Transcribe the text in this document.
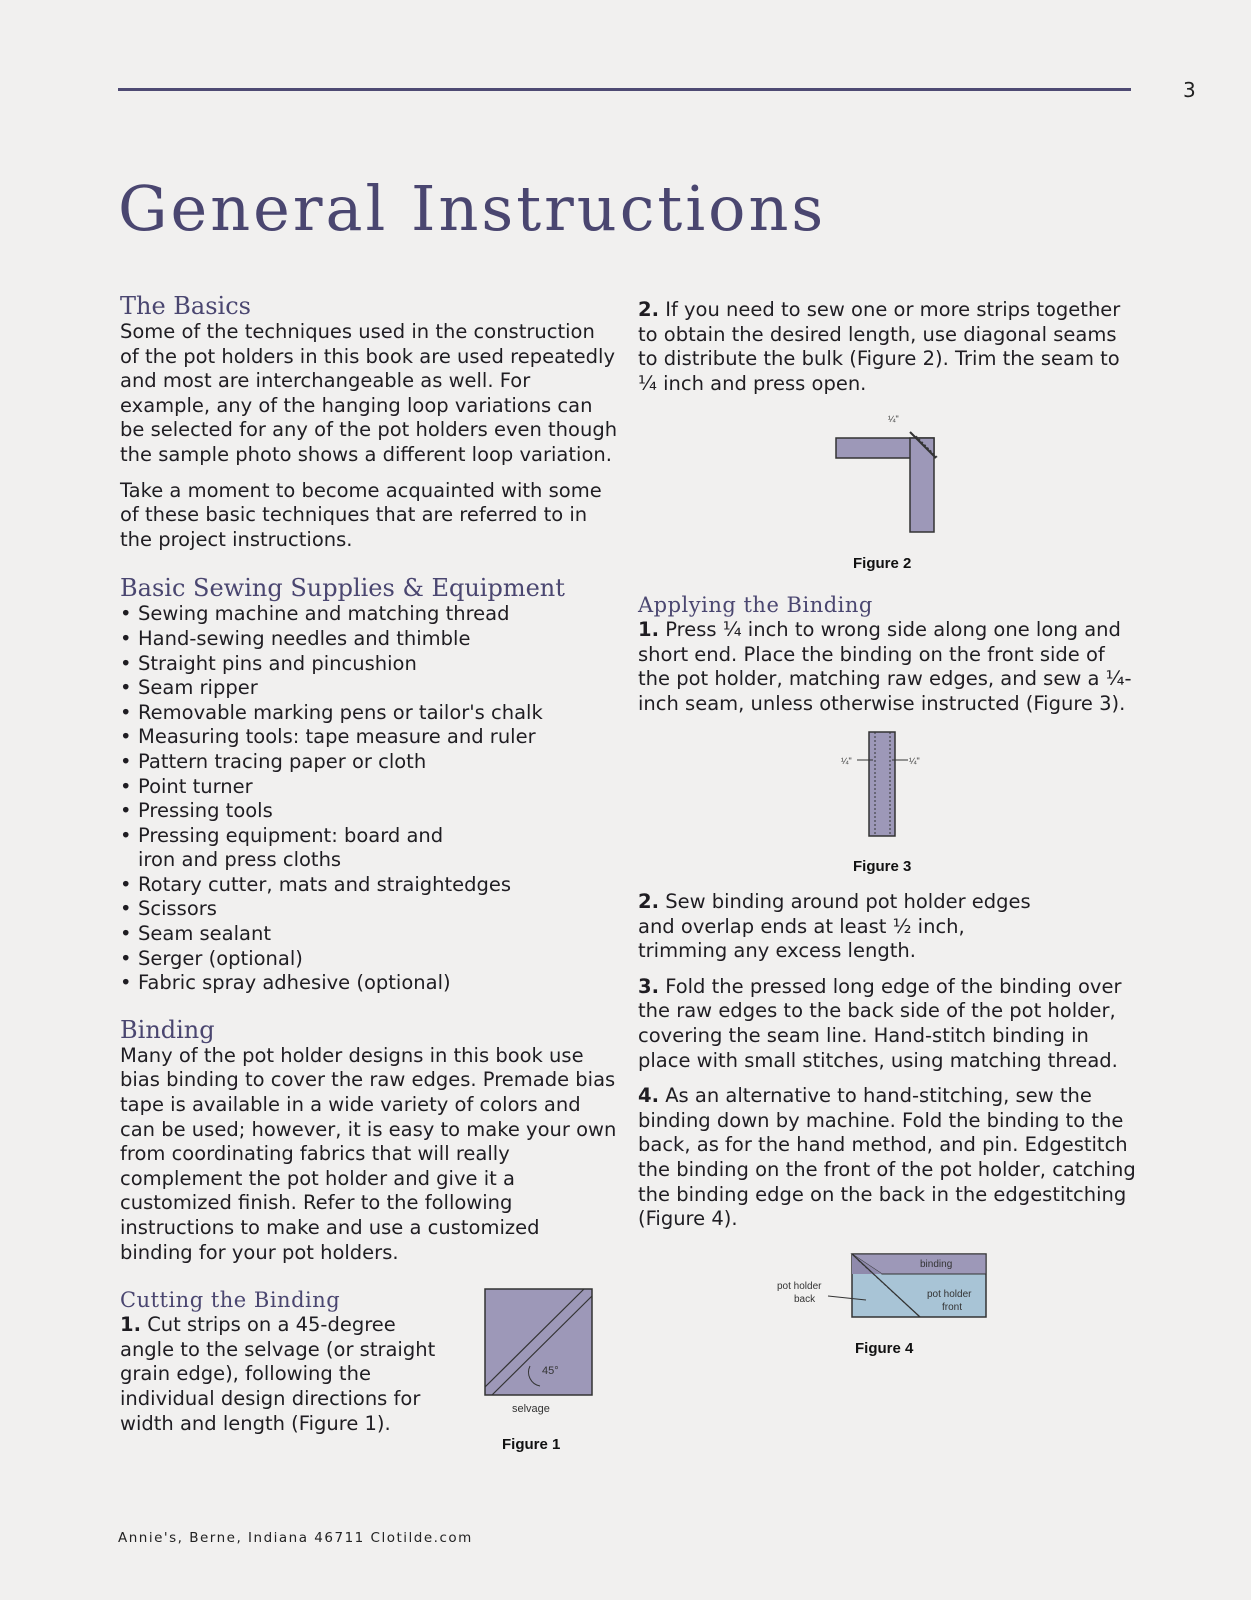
3
General Instructions
The Basics

Some of the techniques used in the construction of the pot holders in this book are used repeatedly and most are interchangeable as well. For example, any of the hanging loop variations can be selected for any of the pot holders even though the sample photo shows a different loop variation.

Take a moment to become acquainted with some of these basic techniques that are referred to in the project instructions.

Basic Sewing Supplies & Equipment
• Sewing machine and matching thread
• Hand-sewing needles and thimble
• Straight pins and pincushion
• Seam ripper
• Removable marking pens or tailor's chalk
• Measuring tools: tape measure and ruler
• Pattern tracing paper or cloth
• Point turner
• Pressing tools
• Pressing equipment: board and iron and press cloths
• Rotary cutter, mats and straightedges
• Scissors
• Seam sealant
• Serger (optional)
• Fabric spray adhesive (optional)
Binding

Many of the pot holder designs in this book use bias binding to cover the raw edges. Premade bias tape is available in a wide variety of colors and can be used; however, it is easy to make your own from coordinating fabrics that will really complement the pot holder and give it a customized finish. Refer to the following instructions to make and use a customized binding for your pot holders.

Cutting the Binding

1. Cut strips on a 45-degree angle to the selvage (or straight grain edge), following the individual design directions for width and length (Figure 1).

45°
selvage
Figure 1

2. If you need to sew one or more strips together to obtain the desired length, use diagonal seams to distribute the bulk (Figure 2). Trim the seam to ¼ inch and press open.

¼"
Figure 2
Applying the Binding

1. Press ¼ inch to wrong side along one long and short end. Place the binding on the front side of the pot holder, matching raw edges, and sew a ¼-inch seam, unless otherwise instructed (Figure 3).

¼"	¼"
Figure 3

2. Sew binding around pot holder edges and overlap ends at least ½ inch, trimming any excess length.

3. Fold the pressed long edge of the binding over the raw edges to the back side of the pot holder, covering the seam line. Hand-stitch binding in place with small stitches, using matching thread.

4. As an alternative to hand-stitching, sew the binding down by machine. Fold the binding to the back, as for the hand method, and pin. Edgestitch the binding on the front of the pot holder, catching the binding edge on the back in the edgestitching (Figure 4).

binding
pot holder
front
pot holder
back
Figure 4
Annie's, Berne, Indiana 46711 Clotilde.com
